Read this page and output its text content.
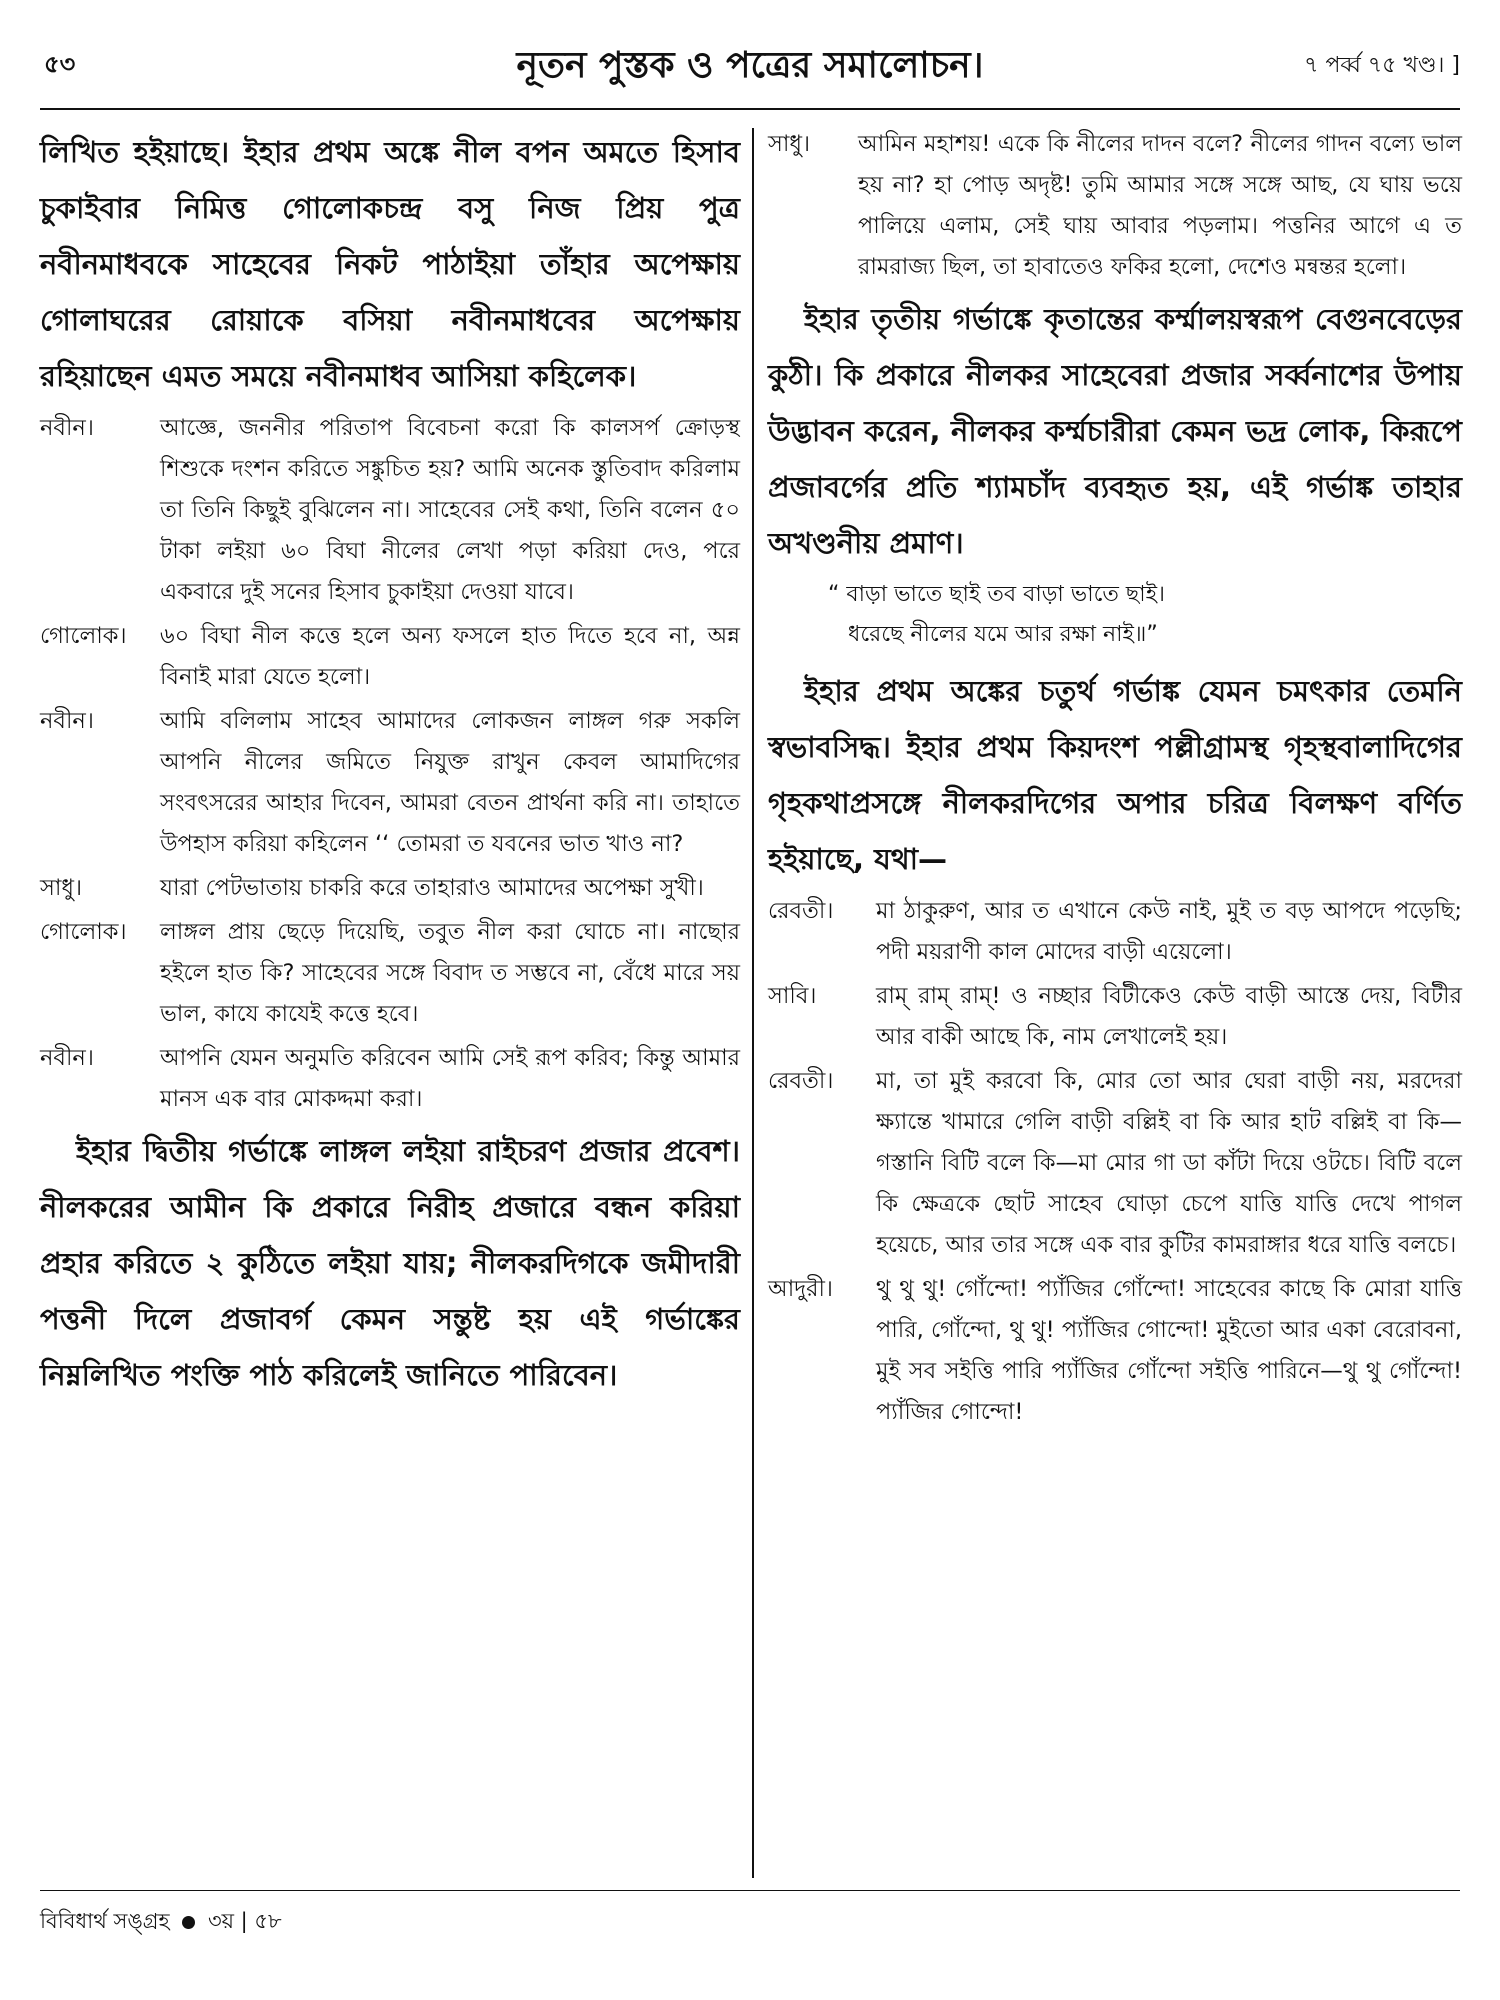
৫৩	নূতন পুস্তক ও পত্রের সমালোচন।	৭ পর্ব্ব ৭৫ খণ্ড। ]

লিখিত হইয়াছে। ইহার প্রথম অঙ্কে নীল বপন অমতে হিসাব চুকাইবার নিমিত্ত গোলোকচন্দ্র বসু নিজ প্রিয় পুত্র নবীনমাধবকে সাহেবের নিকট পাঠাইয়া তাঁহার অপেক্ষায় গোলাঘরের রোয়াকে বসিয়া নবীনমাধবের অপেক্ষায় রহিয়াছেন এমত সময়ে নবীনমাধব আসিয়া কহিলেক।

নবীন।	আজ্ঞে, জননীর পরিতাপ বিবেচনা করো কি কালসর্প ক্রোড়স্থ শিশুকে দংশন করিতে সঙ্কুচিত হয়? আমি অনেক স্তুতিবাদ করিলাম তা তিনি কিছুই বুঝিলেন না। সাহেবের সেই কথা, তিনি বলেন ৫০ টাকা লইয়া ৬০ বিঘা নীলের লেখা পড়া করিয়া দেও, পরে একবারে দুই সনের হিসাব চুকাইয়া দেওয়া যাবে।
গোলোক।	৬০ বিঘা নীল কত্তে হলে অন্য ফসলে হাত দিতে হবে না, অন্ন বিনাই মারা যেতে হলো।
নবীন।	আমি বলিলাম সাহেব আমাদের লোকজন লাঙ্গল গরু সকলি আপনি নীলের জমিতে নিযুক্ত রাখুন কেবল আমাদিগের সংবৎসরের আহার দিবেন, আমরা বেতন প্রার্থনা করি না। তাহাতে উপহাস করিয়া কহিলেন ‘‘ তোমরা ত যবনের ভাত খাও না?
সাধু।	যারা পেটভাতায় চাকরি করে তাহারাও আমাদের অপেক্ষা সুখী।
গোলোক।	লাঙ্গল প্রায় ছেড়ে দিয়েছি, তবুত নীল করা ঘোচে না। নাছোর হইলে হাত কি? সাহেবের সঙ্গে বিবাদ ত সম্ভবে না, বেঁধে মারে সয় ভাল, কাযে কাযেই কত্তে হবে।
নবীন।	আপনি যেমন অনুমতি করিবেন আমি সেই রূপ করিব; কিন্তু আমার মানস এক বার মোকদ্দমা করা।

ইহার দ্বিতীয় গর্ভাঙ্কে লাঙ্গল লইয়া রাইচরণ প্রজার প্রবেশ। নীলকরের আমীন কি প্রকারে নিরীহ প্রজারে বন্ধন করিয়া প্রহার করিতে ২ কুঠিতে লইয়া যায়; নীলকরদিগকে জমীদারী পত্তনী দিলে প্রজাবর্গ কেমন সন্তুষ্ট হয় এই গর্ভাঙ্কের নিম্নলিখিত পংক্তি পাঠ করিলেই জানিতে পারিবেন।

সাধু।	আমিন মহাশয়! একে কি নীলের দাদন বলে? নীলের গাদন বল্যে ভাল হয় না? হা পোড় অদৃষ্ট! তুমি আমার সঙ্গে সঙ্গে আছ, যে ঘায় ভয়ে পালিয়ে এলাম, সেই ঘায় আবার পড়লাম। পত্তনির আগে এ ত রামরাজ্য ছিল, তা হাবাতেও ফকির হলো, দেশেও মন্বন্তর হলো।

ইহার তৃতীয় গর্ভাঙ্কে কৃতান্তের কর্ম্মালয়স্বরূপ বেগুনবেড়ের কুঠী। কি প্রকারে নীলকর সাহেবেরা প্রজার সর্ব্বনাশের উপায় উদ্ভাবন করেন, নীলকর কর্ম্মচারীরা কেমন ভদ্র লোক, কিরূপে প্রজাবর্গের প্রতি শ্যামচাঁদ ব্যবহৃত হয়, এই গর্ভাঙ্ক তাহার অখণ্ডনীয় প্রমাণ।

“ বাড়া ভাতে ছাই তব বাড়া ভাতে ছাই।
ধরেছে নীলের যমে আর রক্ষা নাই॥”

ইহার প্রথম অঙ্কের চতুর্থ গর্ভাঙ্ক যেমন চমৎকার তেমনি স্বভাবসিদ্ধ। ইহার প্রথম কিয়দংশ পল্লীগ্রামস্থ গৃহস্থবালাদিগের গৃহকথাপ্রসঙ্গে নীলকরদিগের অপার চরিত্র বিলক্ষণ বর্ণিত হইয়াছে, যথা—

রেবতী।	মা ঠাকুরুণ, আর ত এখানে কেউ নাই, মুই ত বড় আপদে পড়েছি; পদী ময়রাণী কাল মোদের বাড়ী এয়েলো।
সাবি।	রাম্ রাম্ রাম্! ও নচ্ছার বিটীকেও কেউ বাড়ী আস্তে দেয়, বিটীর আর বাকী আছে কি, নাম লেখালেই হয়।
রেবতী।	মা, তা মুই করবো কি, মোর তো আর ঘেরা বাড়ী নয়, মরদেরা ক্ষ্যান্তে খামারে গেলি বাড়ী বল্লিই বা কি আর হাট বল্লিই বা কি—গস্তানি বিটি বলে কি—মা মোর গা ডা কাঁটা দিয়ে ওটচে। বিটি বলে কি ক্ষেত্রকে ছোট সাহেব ঘোড়া চেপে যাত্তি যাত্তি দেখে পাগল হয়েচে, আর তার সঙ্গে এক বার কুটির কামরাঙ্গার ধরে যাত্তি বলচে।
আদুরী।	থু থু থু! গোঁন্দো! প্যাঁজির গোঁন্দো! সাহেবের কাছে কি মোরা যাত্তি পারি, গোঁন্দো, থু থু! প্যাঁজির গোন্দো! মুইতো আর একা বেরোবনা, মুই সব সইত্তি পারি প্যাঁজির গোঁন্দো সইত্তি পারিনে—থু থু গোঁন্দো! প্যাঁজির গোন্দো!
বিবিধার্থ সঙ্গ্রহ ৩য় | ৫৮
